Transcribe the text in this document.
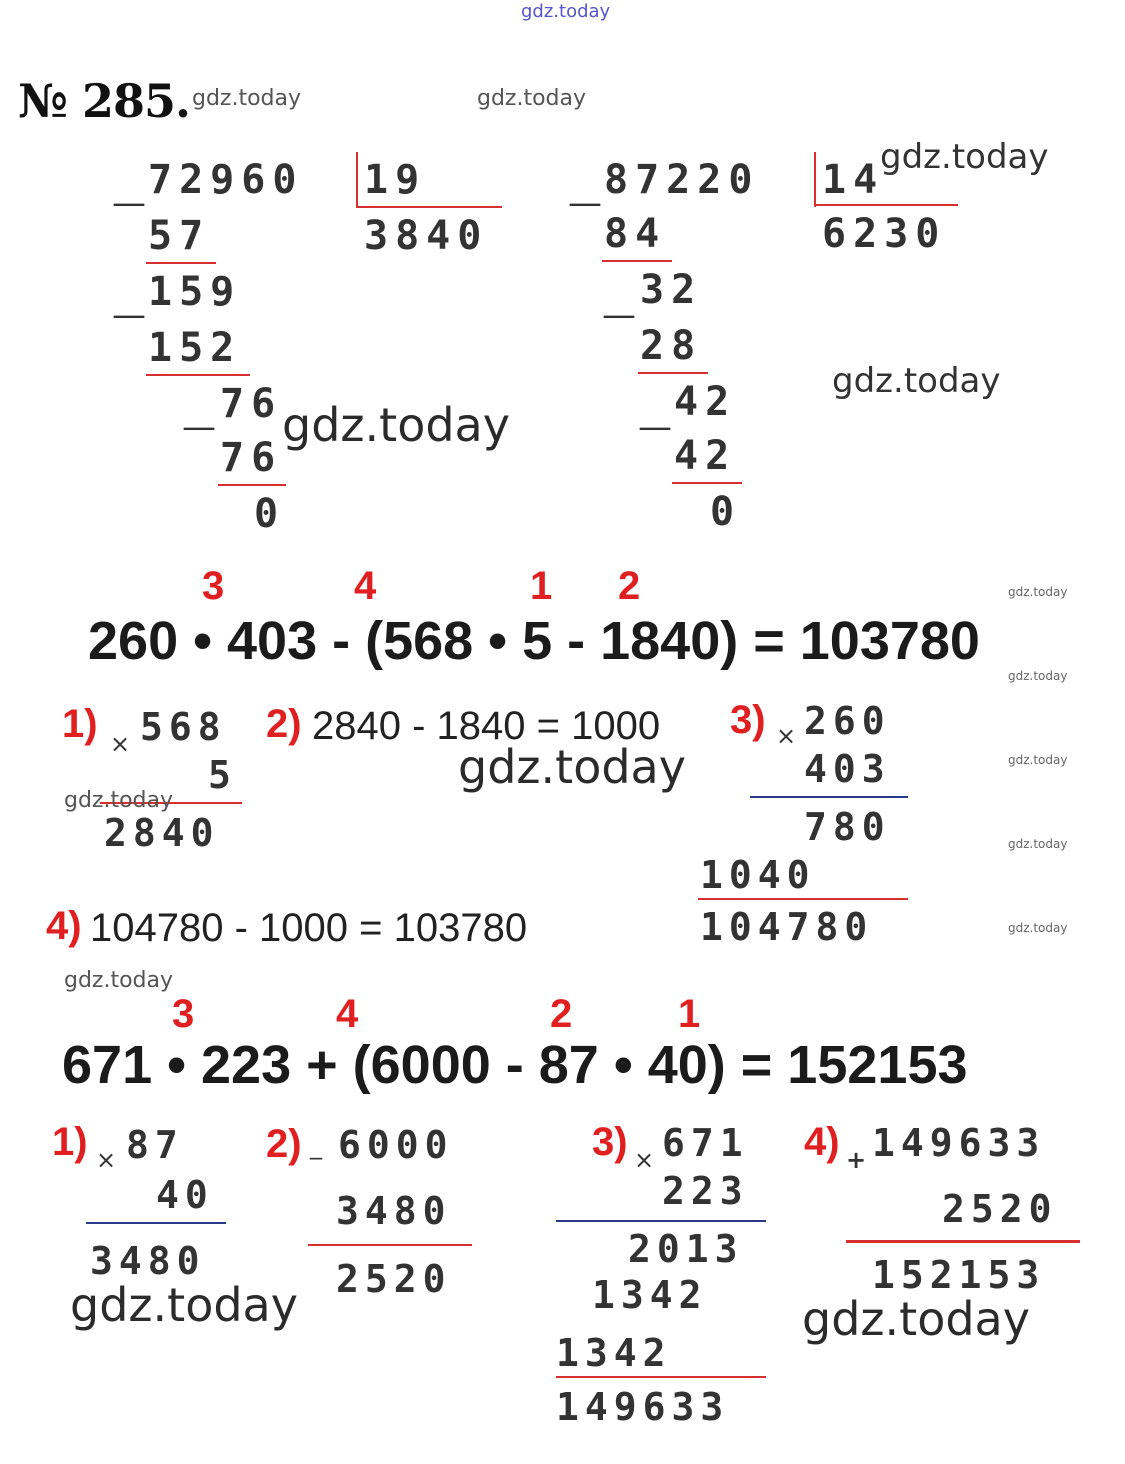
gdz.today
№ 285. gdz.today	gdz.today
72960 19
3840
—
57
159
—
152
76
—
76
0
gdz.today
87220 14
6230
—
84
32
—
28
42
—
42
0
gdz.today
gdz.today
3	4	1 2
260 • 403 - (568 • 5 - 1840) = 103780
gdz.today
gdz.today
gdz.today
gdz.today
gdz.today
1) × 568
5
2840
gdz.today
2) 2840 - 1840 = 1000
gdz.today
3) × 260
403
780
1040
104780
4) 104780 - 1000 = 103780
gdz.today
3	4	2	1
671 • 223 + (6000 - 87 • 40) = 152153
1) × 87
40
3480
gdz.today
2) _ 6000
3480
2520
3) × 671
223
2013
1342
1342
149633
4) + 149633
2520
152153
gdz.today
